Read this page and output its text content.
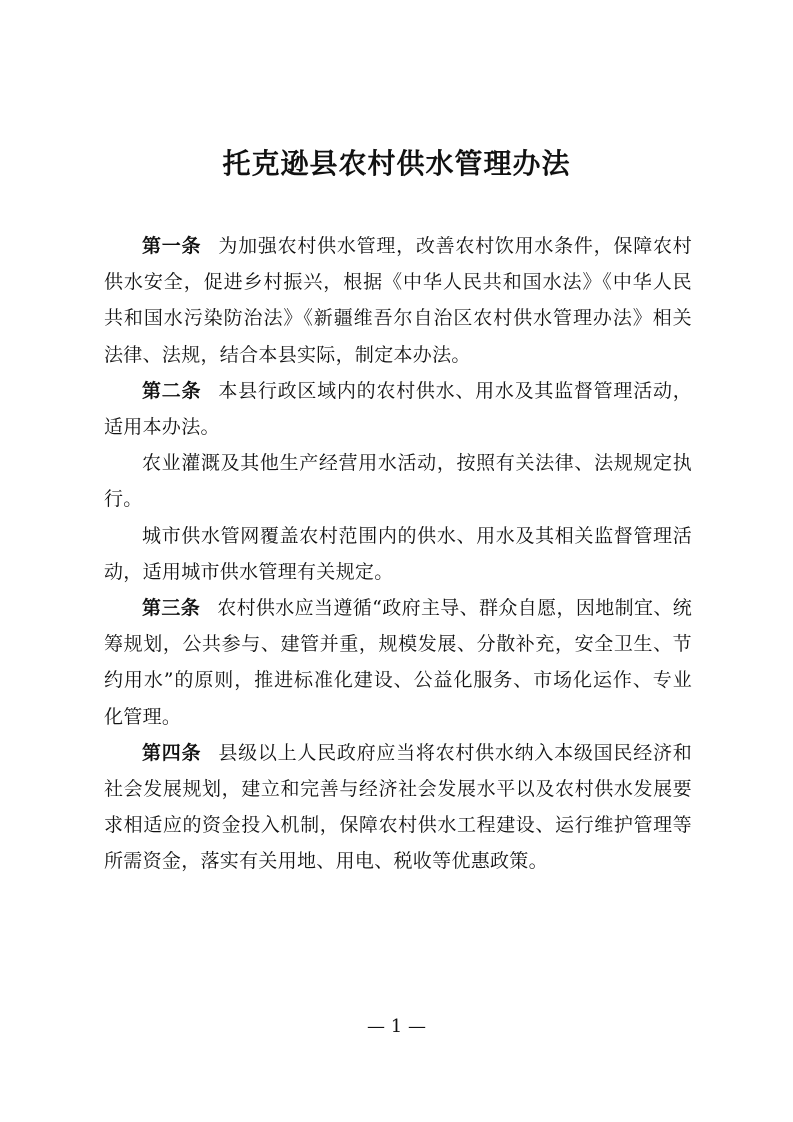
托克逊县农村供水管理办法

第一条 为加强农村供水管理，改善农村饮用水条件，保障农村供水安全，促进乡村振兴，根据《中华人民共和国水法》《中华人民共和国水污染防治法》《新疆维吾尔自治区农村供水管理办法》相关法律、法规，结合本县实际，制定本办法。

第二条 本县行政区域内的农村供水、用水及其监督管理活动，适用本办法。

农业灌溉及其他生产经营用水活动，按照有关法律、法规规定执行。

城市供水管网覆盖农村范围内的供水、用水及其相关监督管理活动，适用城市供水管理有关规定。

第三条 农村供水应当遵循“政府主导、群众自愿，因地制宜、统筹规划，公共参与、建管并重，规模发展、分散补充，安全卫生、节约用水”的原则，推进标准化建设、公益化服务、市场化运作、专业化管理。

第四条 县级以上人民政府应当将农村供水纳入本级国民经济和社会发展规划，建立和完善与经济社会发展水平以及农村供水发展要求相适应的资金投入机制，保障农村供水工程建设、运行维护管理等所需资金，落实有关用地、用电、税收等优惠政策。

— 1 —
